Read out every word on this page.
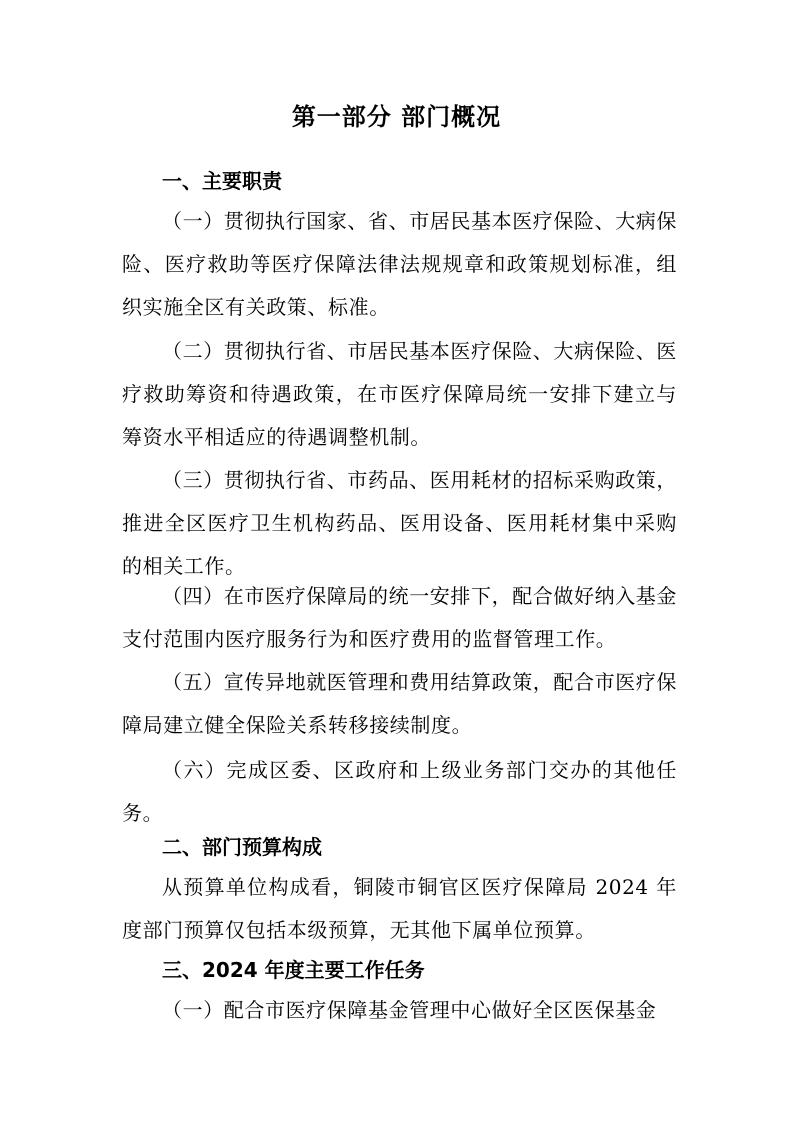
第一部分 部门概况

一、主要职责

（一）贯彻执行国家、省、市居民基本医疗保险、大病保险、医疗救助等医疗保障法律法规规章和政策规划标准，组织实施全区有关政策、标准。

（二）贯彻执行省、市居民基本医疗保险、大病保险、医疗救助筹资和待遇政策，在市医疗保障局统一安排下建立与筹资水平相适应的待遇调整机制。

（三）贯彻执行省、市药品、医用耗材的招标采购政策，推进全区医疗卫生机构药品、医用设备、医用耗材集中采购的相关工作。

（四）在市医疗保障局的统一安排下，配合做好纳入基金支付范围内医疗服务行为和医疗费用的监督管理工作。

（五）宣传异地就医管理和费用结算政策，配合市医疗保障局建立健全保险关系转移接续制度。

（六）完成区委、区政府和上级业务部门交办的其他任务。

二、部门预算构成

从预算单位构成看，铜陵市铜官区医疗保障局 2024 年度部门预算仅包括本级预算，无其他下属单位预算。

三、2024 年度主要工作任务

（一）配合市医疗保障基金管理中心做好全区医保基金
